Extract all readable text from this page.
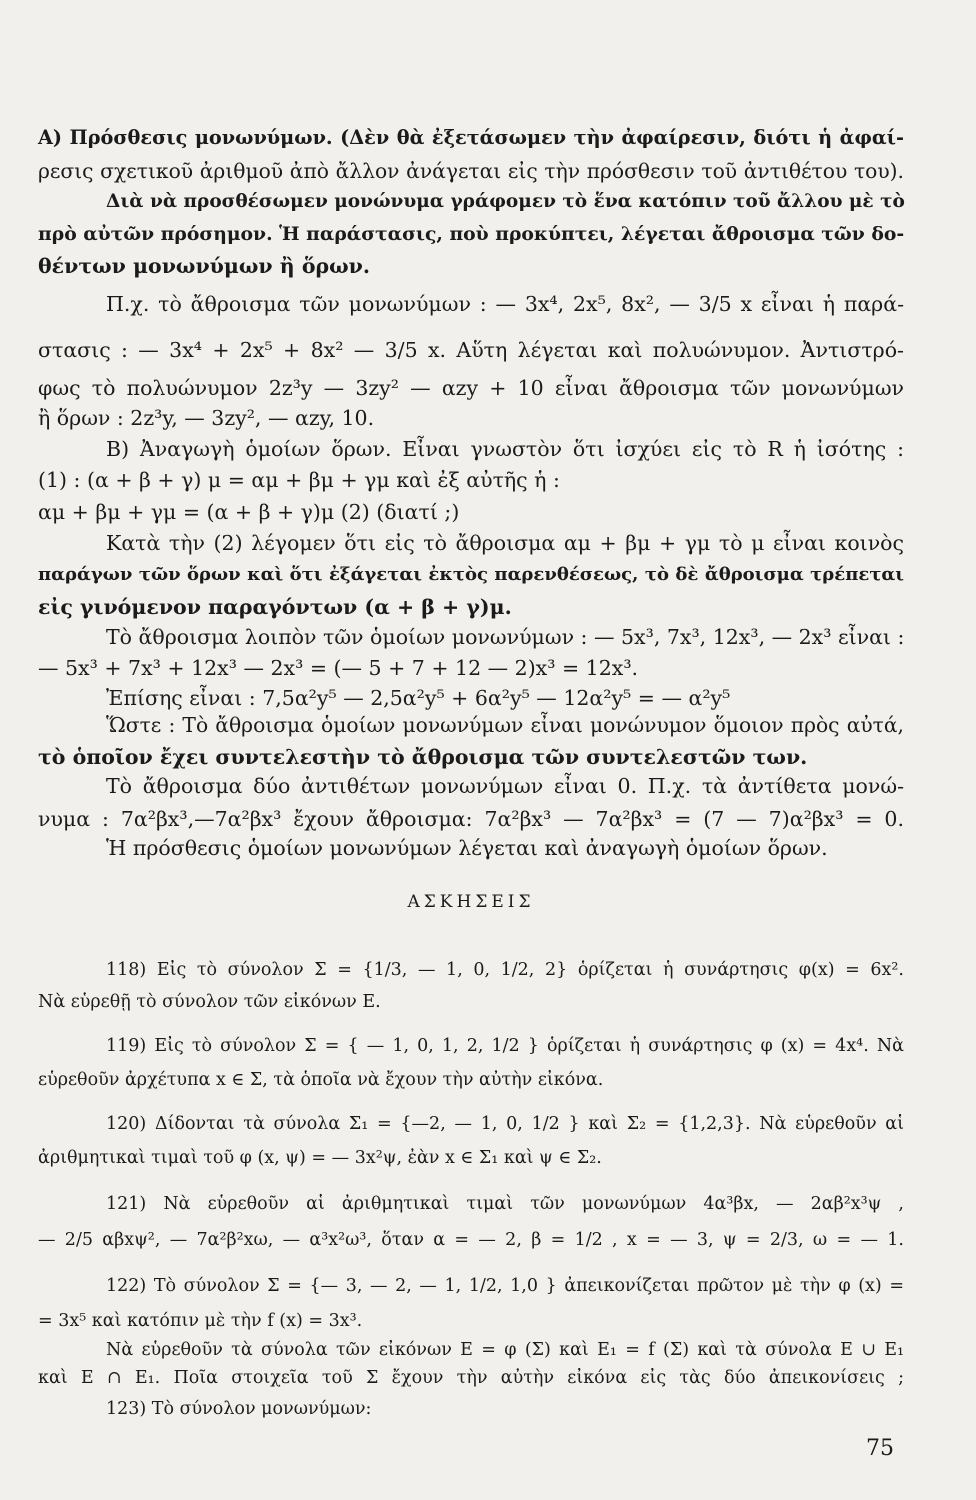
Α) Πρόσθεσις μονωνύμων. (Δὲν θὰ ἐξετάσωμεν τὴν ἀφαίρεσιν, διότι ἡ ἀφαί-
ρεσις σχετικοῦ ἀριθμοῦ ἀπὸ ἄλλον ἀνάγεται εἰς τὴν πρόσθεσιν τοῦ ἀντιθέτου του).
Διὰ νὰ προσθέσωμεν μονώνυμα γράφομεν τὸ ἕνα κατόπιν τοῦ ἄλλου μὲ τὸ
πρὸ αὐτῶν πρόσημον. Ἡ παράστασις, ποὺ προκύπτει, λέγεται ἄθροισμα τῶν δο-
θέντων μονωνύμων ἢ ὅρων.
Π.χ. τὸ ἄθροισμα τῶν μονωνύμων : — 3x⁴, 2x⁵, 8x², — 3/5 x εἶναι ἡ παρά-
στασις : — 3x⁴ + 2x⁵ + 8x² — 3/5 x. Αὕτη λέγεται καὶ πολυώνυμον. Ἀντιστρό-
φως τὸ πολυώνυμον 2z³y — 3zy² — αzy + 10 εἶναι ἄθροισμα τῶν μονωνύμων
ἢ ὅρων : 2z³y, — 3zy², — αzy, 10.
Β) Ἀναγωγὴ ὁμοίων ὅρων. Εἶναι γνωστὸν ὅτι ἰσχύει εἰς τὸ R ἡ ἰσότης :
(1) : (α + β + γ) μ = αμ + βμ + γμ καὶ ἐξ αὐτῆς ἡ :
αμ + βμ + γμ = (α + β + γ)μ (2) (διατί ;)
Κατὰ τὴν (2) λέγομεν ὅτι εἰς τὸ ἄθροισμα αμ + βμ + γμ τὸ μ εἶναι κοινὸς
παράγων τῶν ὅρων καὶ ὅτι ἐξάγεται ἐκτὸς παρενθέσεως, τὸ δὲ ἄθροισμα τρέπεται
εἰς γινόμενον παραγόντων (α + β + γ)μ.
Τὸ ἄθροισμα λοιπὸν τῶν ὁμοίων μονωνύμων : — 5x³, 7x³, 12x³, — 2x³ εἶναι :
— 5x³ + 7x³ + 12x³ — 2x³ = (— 5 + 7 + 12 — 2)x³ = 12x³.
Ἐπίσης εἶναι : 7,5α²y⁵ — 2,5α²y⁵ + 6α²y⁵ — 12α²y⁵ = — α²y⁵
Ὥστε : Τὸ ἄθροισμα ὁμοίων μονωνύμων εἶναι μονώνυμον ὅμοιον πρὸς αὐτά,
τὸ ὁποῖον ἔχει συντελεστὴν τὸ ἄθροισμα τῶν συντελεστῶν των.
Τὸ ἄθροισμα δύο ἀντιθέτων μονωνύμων εἶναι 0. Π.χ. τὰ ἀντίθετα μονώ-
νυμα : 7α²βx³,—7α²βx³ ἔχουν ἄθροισμα: 7α²βx³ — 7α²βx³ = (7 — 7)α²βx³ = 0.
Ἡ πρόσθεσις ὁμοίων μονωνύμων λέγεται καὶ ἀναγωγὴ ὁμοίων ὅρων.
ΑΣΚΗΣΕΙΣ
118) Εἰς τὸ σύνολον Σ = {1/3, — 1, 0, 1/2, 2} ὁρίζεται ἡ συνάρτησις φ(x) = 6x².
Νὰ εὑρεθῇ τὸ σύνολον τῶν εἰκόνων Ε.
119) Εἰς τὸ σύνολον Σ = { — 1, 0, 1, 2, 1/2 } ὁρίζεται ἡ συνάρτησις φ (x) = 4x⁴. Νὰ
εὑρεθοῦν ἀρχέτυπα x ∈ Σ, τὰ ὁποῖα νὰ ἔχουν τὴν αὐτὴν εἰκόνα.
120) Δίδονται τὰ σύνολα Σ₁ = {—2, — 1, 0, 1/2 } καὶ Σ₂ = {1,2,3}. Νὰ εὑρεθοῦν αἱ
ἀριθμητικαὶ τιμαὶ τοῦ φ (x, ψ) = — 3x²ψ, ἐὰν x ∈ Σ₁ καὶ ψ ∈ Σ₂.
121) Νὰ εὑρεθοῦν αἱ ἀριθμητικαὶ τιμαὶ τῶν μονωνύμων 4α³βx, — 2αβ²x³ψ ,
— 2/5 αβxψ², — 7α²β²xω, — α³x²ω³, ὅταν α = — 2, β = 1/2 , x = — 3, ψ = 2/3, ω = — 1.
122) Τὸ σύνολον Σ = {— 3, — 2, — 1, 1/2, 1,0 } ἀπεικονίζεται πρῶτον μὲ τὴν φ (x) =
= 3x⁵ καὶ κατόπιν μὲ τὴν f (x) = 3x³.
Νὰ εὑρεθοῦν τὰ σύνολα τῶν εἰκόνων Ε = φ (Σ) καὶ Ε₁ = f (Σ) καὶ τὰ σύνολα Ε ∪ Ε₁
καὶ Ε ∩ Ε₁. Ποῖα στοιχεῖα τοῦ Σ ἔχουν τὴν αὐτὴν εἰκόνα εἰς τὰς δύο ἀπεικονίσεις ;
123) Τὸ σύνολον μονωνύμων:
75
